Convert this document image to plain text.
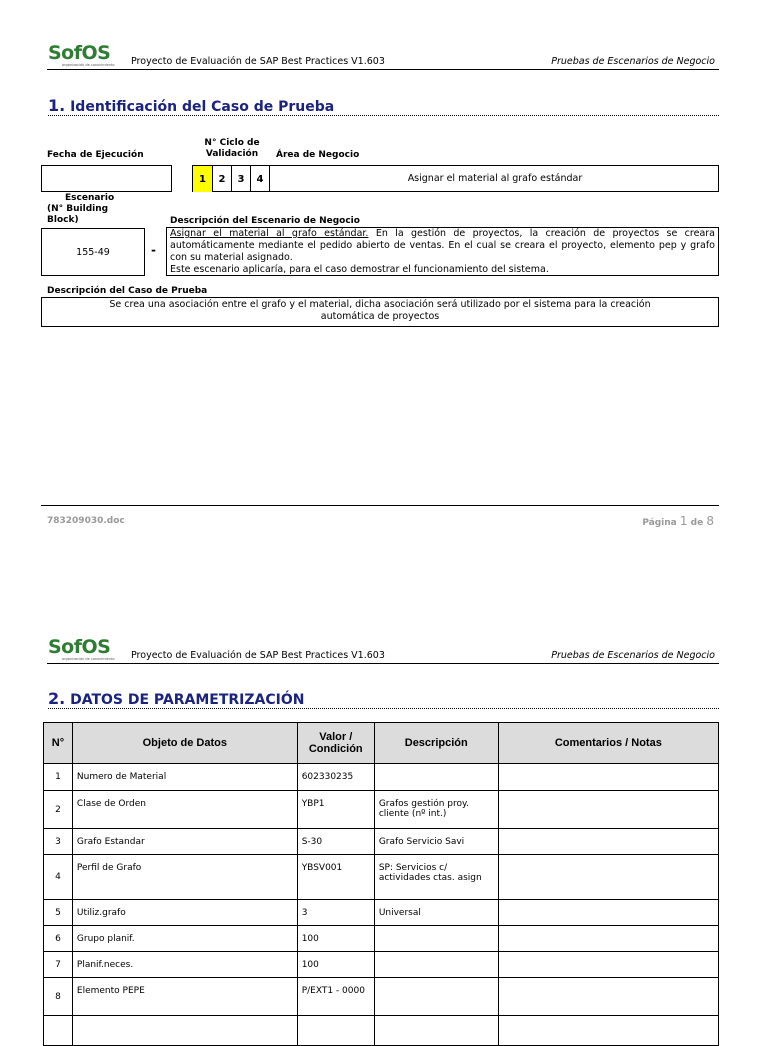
SofOS
organización de conocimiento Proyecto de Evaluación de SAP Best Practices V1.603	Pruebas de Escenarios de Negocio
1. Identificación del Caso de Prueba
Fecha de Ejecución
N° Ciclo de
Validación	Área de Negocio
1	2	3	4	Asignar el material al grafo estándar
Escenario
(N° Building
Block)
155-49	-
Descripción del Escenario de Negocio
Asignar el material al grafo estándar. En la gestión de proyectos, la creación de proyectos se creara automáticamente mediante el pedido abierto de ventas. En el cual se creara el proyecto, elemento pep y grafo con su material asignado.
Este escenario aplicaría, para el caso demostrar el funcionamiento del sistema.
Descripción del Caso de Prueba
Se crea una asociación entre el grafo y el material, dicha asociación será utilizado por el sistema para la creación automática de proyectos
783209030.doc	Página 1 de 8
SofOS
organización de conocimiento Proyecto de Evaluación de SAP Best Practices V1.603	Pruebas de Escenarios de Negocio
2. DATOS DE PARAMETRIZACIÓN
N°	Objeto de Datos	Valor / Condición	Descripción	Comentarios / Notas
1	Numero de Material	602330235		
2	Clase de Orden	YBP1	Grafos gestión proy. cliente (nº int.)	
3	Grafo Estandar	S-30	Grafo Servicio Savi	
4	Perfil de Grafo	YBSV001	SP: Servicios c/ actividades ctas. asign	
5	Utiliz.grafo	3	Universal	
6	Grupo planif.	100		
7	Planif.neces.	100		
8	Elemento PEPE	P/EXT1 - 0000		
